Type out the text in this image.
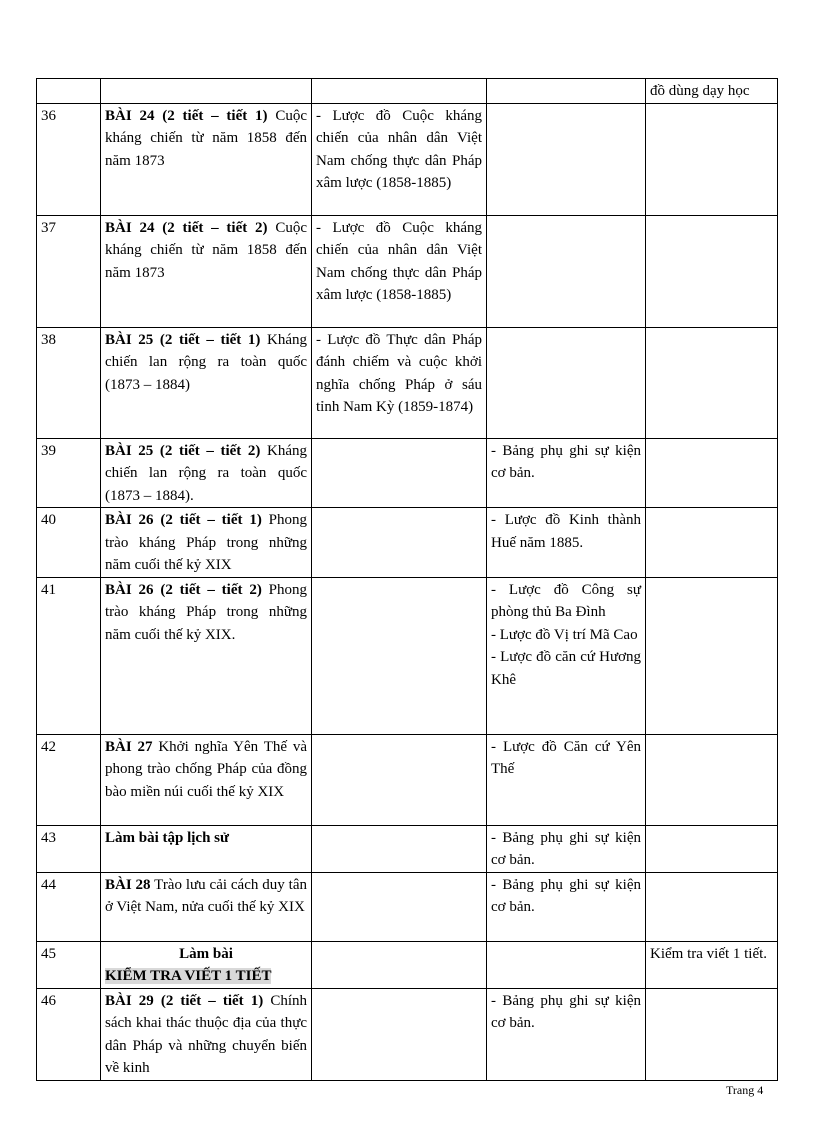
				đồ dùng dạy học
36	BÀI 24 (2 tiết – tiết 1) Cuộc kháng chiến từ năm 1858 đến năm 1873	- Lược đồ Cuộc kháng chiến của nhân dân Việt Nam chống thực dân Pháp xâm lược (1858-1885)		
37	BÀI 24 (2 tiết – tiết 2) Cuộc kháng chiến từ năm 1858 đến năm 1873	- Lược đồ Cuộc kháng chiến của nhân dân Việt Nam chống thực dân Pháp xâm lược (1858-1885)		
38	BÀI 25 (2 tiết – tiết 1) Kháng chiến lan rộng ra toàn quốc (1873 – 1884)	- Lược đồ Thực dân Pháp đánh chiếm và cuộc khởi nghĩa chống Pháp ở sáu tỉnh Nam Kỳ (1859-1874)		
39	BÀI 25 (2 tiết – tiết 2) Kháng chiến lan rộng ra toàn quốc (1873 – 1884).		- Bảng phụ ghi sự kiện cơ bản.	
40	BÀI 26 (2 tiết – tiết 1) Phong trào kháng Pháp trong những năm cuối thế kỷ XIX		- Lược đồ Kinh thành Huế năm 1885.	
41	BÀI 26 (2 tiết – tiết 2) Phong trào kháng Pháp trong những năm cuối thế kỷ XIX.		- Lược đồ Công sự phòng thủ Ba Đình
- Lược đồ Vị trí Mã Cao
- Lược đồ căn cứ Hương Khê	

42	BÀI 27 Khởi nghĩa Yên Thế và phong trào chống Pháp của đồng bào miền núi cuối thế kỷ XIX		- Lược đồ Căn cứ Yên Thế	
43	Làm bài tập lịch sử		- Bảng phụ ghi sự kiện cơ bản.	
44	BÀI 28 Trào lưu cải cách duy tân ở Việt Nam, nửa cuối thế kỷ XIX		- Bảng phụ ghi sự kiện cơ bản.	
45	Làm bài
KIỂM TRA VIẾT 1 TIẾT			Kiểm tra viết 1 tiết.
46	BÀI 29 (2 tiết – tiết 1) Chính sách khai thác thuộc địa của thực dân Pháp và những chuyển biến về kinh		- Bảng phụ ghi sự kiện cơ bản.	
Trang 4
